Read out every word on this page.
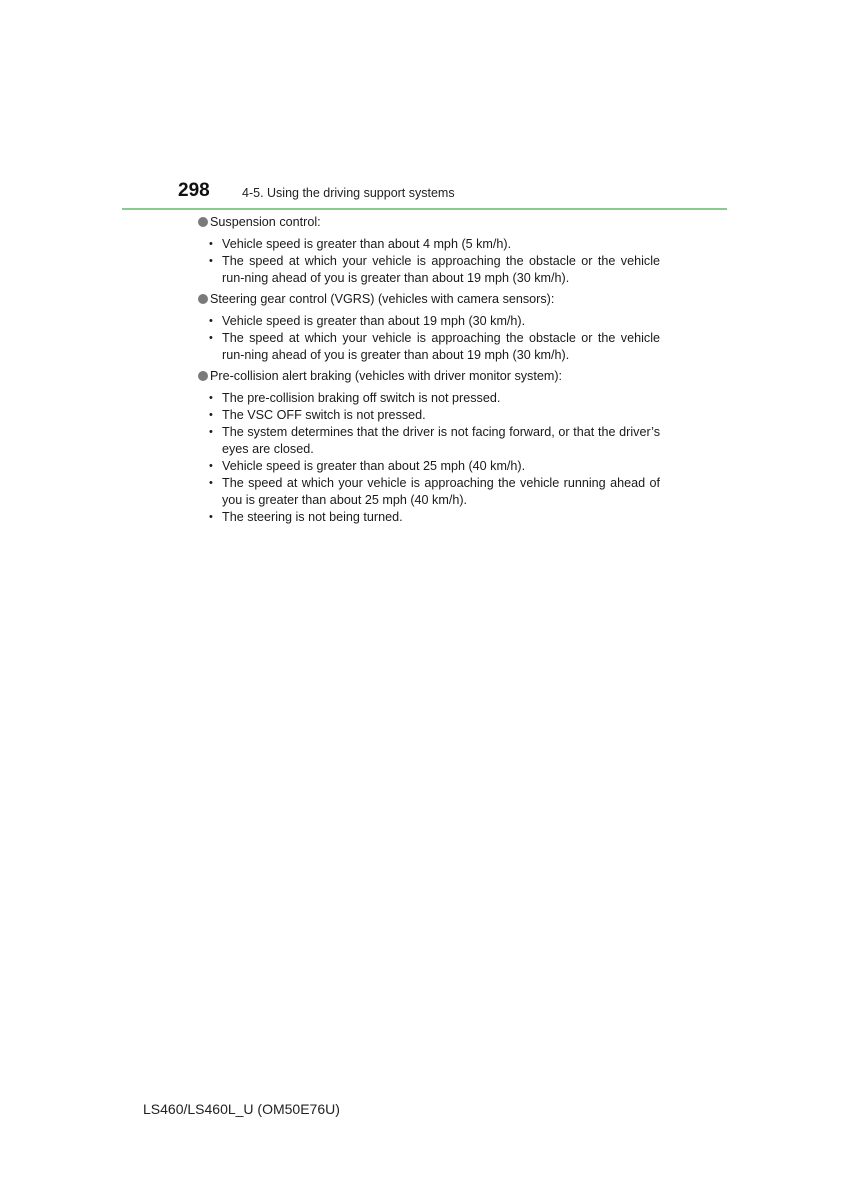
298	4-5. Using the driving support systems
Suspension control:
• Vehicle speed is greater than about 4 mph (5 km/h).
• The speed at which your vehicle is approaching the obstacle or the vehicle run-ning ahead of you is greater than about 19 mph (30 km/h).
Steering gear control (VGRS) (vehicles with camera sensors):
• Vehicle speed is greater than about 19 mph (30 km/h).
• The speed at which your vehicle is approaching the obstacle or the vehicle run-ning ahead of you is greater than about 19 mph (30 km/h).
Pre-collision alert braking (vehicles with driver monitor system):
• The pre-collision braking off switch is not pressed.
• The VSC OFF switch is not pressed.
• The system determines that the driver is not facing forward, or that the driver’s eyes are closed.
• Vehicle speed is greater than about 25 mph (40 km/h).
• The speed at which your vehicle is approaching the vehicle running ahead of you is greater than about 25 mph (40 km/h).
• The steering is not being turned.
LS460/LS460L_U (OM50E76U)
